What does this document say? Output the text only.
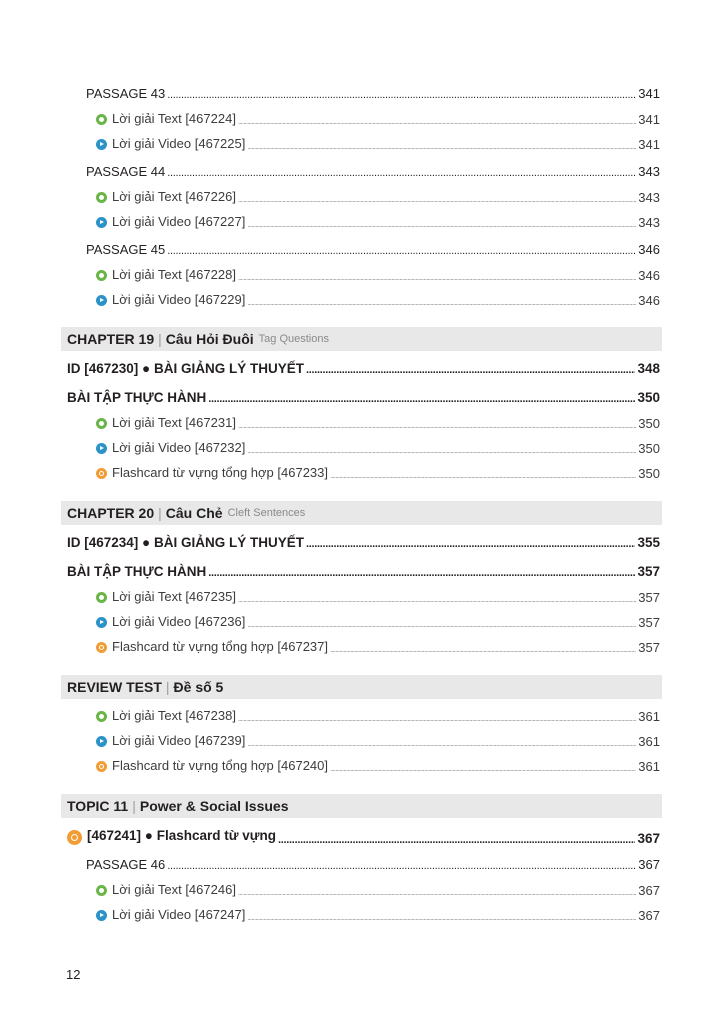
PASSAGE 43 .....	341
Lời giải Text [467224] .....	341
Lời giải Video [467225] .....	341
PASSAGE 44 .....	343
Lời giải Text [467226] .....	343
Lời giải Video [467227] .....	343
PASSAGE 45 .....	346
Lời giải Text [467228] .....	346
Lời giải Video [467229] .....	346
CHAPTER 19 | Câu Hỏi Đuôi Tag Questions
ID [467230] ● BÀI GIẢNG LÝ THUYẾT .....	348
BÀI TẬP THỰC HÀNH .....	350
Lời giải Text [467231] .....	350
Lời giải Video [467232] .....	350
Flashcard từ vựng tổng hợp [467233] .....	350
CHAPTER 20 | Câu Chẻ Cleft Sentences
ID [467234] ● BÀI GIẢNG LÝ THUYẾT .....	355
BÀI TẬP THỰC HÀNH .....	357
Lời giải Text [467235] .....	357
Lời giải Video [467236] .....	357
Flashcard từ vựng tổng hợp [467237] .....	357
REVIEW TEST | Đề số 5
Lời giải Text [467238] .....	361
Lời giải Video [467239] .....	361
Flashcard từ vựng tổng hợp [467240] .....	361
TOPIC 11 | Power & Social Issues
[467241] ● Flashcard từ vựng .....	367
PASSAGE 46 .....	367
Lời giải Text [467246] .....	367
Lời giải Video [467247] .....	367
12
